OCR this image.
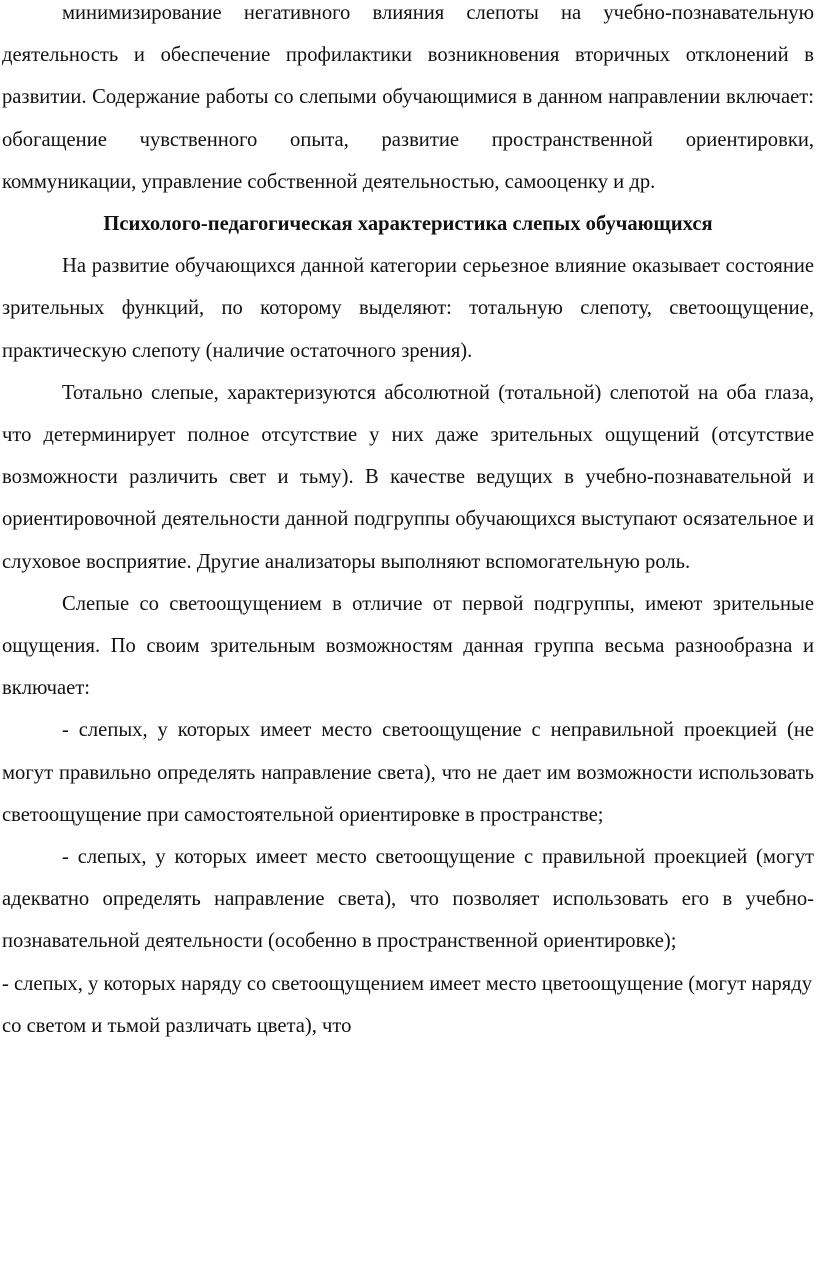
минимизирование негативного влияния слепоты на учебно-познавательную деятельность и обеспечение профилактики возникновения вторичных отклонений в развитии. Содержание работы со слепыми обучающимися в данном направлении включает: обогащение чувственного опыта, развитие пространственной ориентировки, коммуникации, управление собственной деятельностью, самооценку и др.

Психолого-педагогическая характеристика слепых обучающихся

На развитие обучающихся данной категории серьезное влияние оказывает состояние зрительных функций, по которому выделяют: тотальную слепоту, светоощущение, практическую слепоту (наличие остаточного зрения).

Тотально слепые, характеризуются абсолютной (тотальной) слепотой на оба глаза, что детерминирует полное отсутствие у них даже зрительных ощущений (отсутствие возможности различить свет и тьму). В качестве ведущих в учебно-познавательной и ориентировочной деятельности данной подгруппы обучающихся выступают осязательное и слуховое восприятие. Другие анализаторы выполняют вспомогательную роль.

Слепые со светоощущением в отличие от первой подгруппы, имеют зрительные ощущения. По своим зрительным возможностям данная группа весьма разнообразна и включает:

- слепых, у которых имеет место светоощущение с неправильной проекцией (не могут правильно определять направление света), что не дает им возможности использовать светоощущение при самостоятельной ориентировке в пространстве;

- слепых, у которых имеет место светоощущение с правильной проекцией (могут адекватно определять направление света), что позволяет использовать его в учебно-познавательной деятельности (особенно в пространственной ориентировке);

- слепых, у которых наряду со светоощущением имеет место цветоощущение (могут наряду со светом и тьмой различать цвета), что
